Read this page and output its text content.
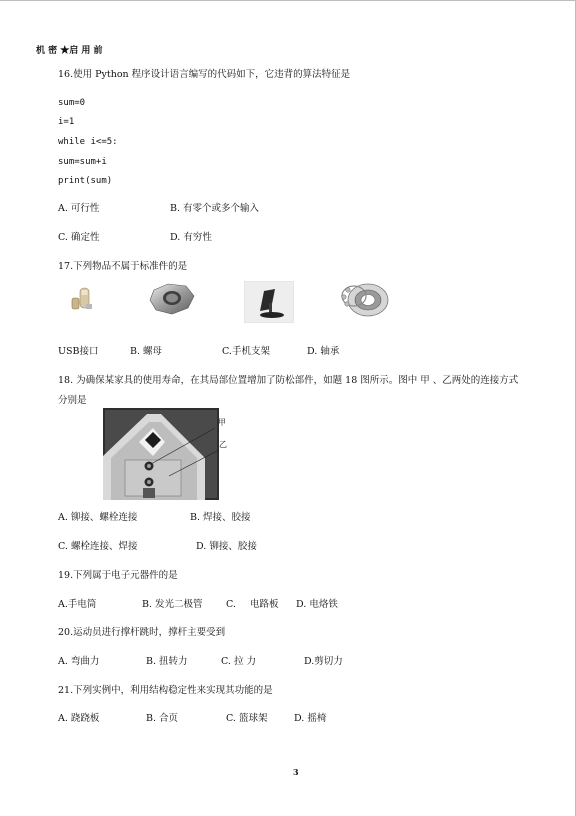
机 密 ★启 用 前
16.使用 Python 程序设计语言编写的代码如下，它违背的算法特征是
sum=0
i=1
while i<=5:
sum=sum+i
print(sum)
A. 可行性	B. 有零个或多个输入
C. 确定性	D. 有穷性
17.下列物品不属于标准件的是
USB接口	B. 螺母	C.手机支架	D. 轴承
18. 为确保某家具的使用寿命，在其局部位置增加了防松部件，如题 18 图所示。图中 甲 、乙两处的连接方式
分别是
甲
乙
A. 铆接、螺栓连接	B. 焊接、胶接
C. 螺栓连接、焊接	D. 铆接、胶接
19.下列属于电子元器件的是
A.手电筒	B. 发光二极管 C. 电路板 D. 电烙铁
20.运动员进行撑杆跳时，撑杆主要受到
A. 弯曲力	B. 扭转力	C. 拉 力	D.剪切力
21.下列实例中，利用结构稳定性来实现其功能的是
A. 跷跷板	B. 合页	C. 篮球架	D. 摇椅
3
